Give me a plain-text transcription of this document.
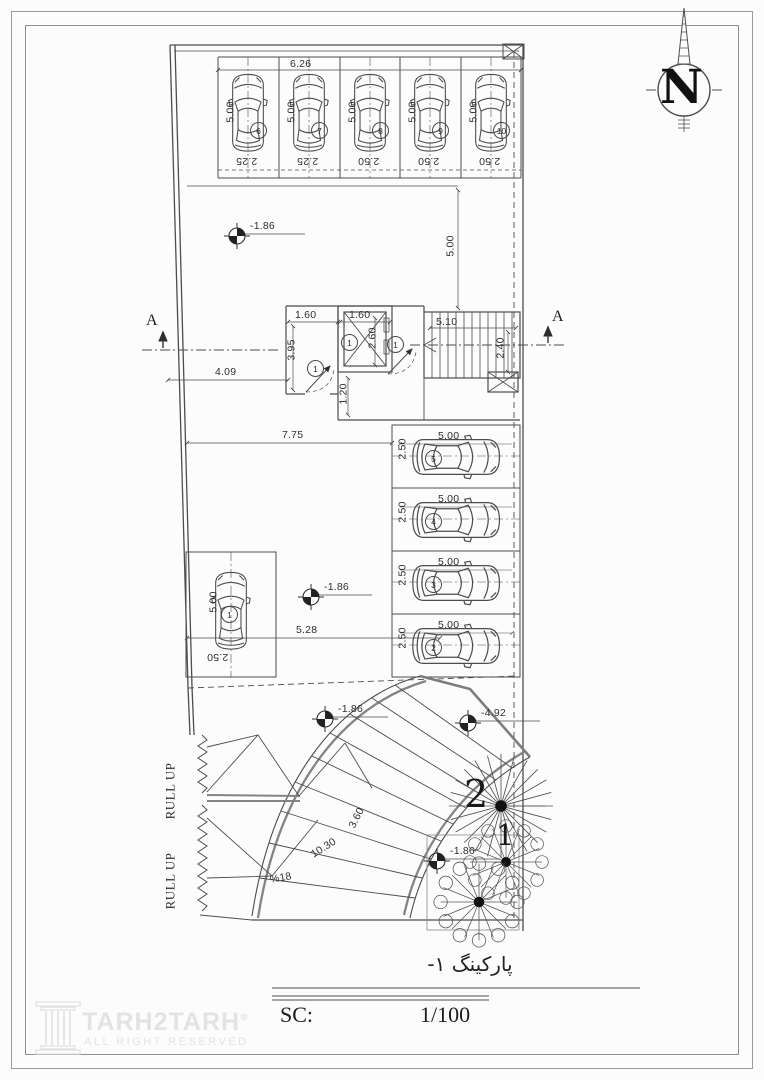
5.00	5.00	5.00	5.00	5.00
6	7	8	9	10
2.25	2.25	2.50	2.50	2.50
6.26
5.00
1.60	1.60
3.95
2.60
1.20
5.10
2.40
1
1	1
A	A
4.09
7.75
5.28
5.00
5.00
5.00
5.00
2.50
2.50
2.50
2.50
5
4
3
2
5.00
1
2.50
-1.86
-1.86
-1.86	-4.92
-1.86
%18
10.30
3.60
RULL UP
RULL UP
2
1
N
پارکینگ ۱-
SC:	1/100
TARH2TARH®
ALL RIGHT RESERVED
